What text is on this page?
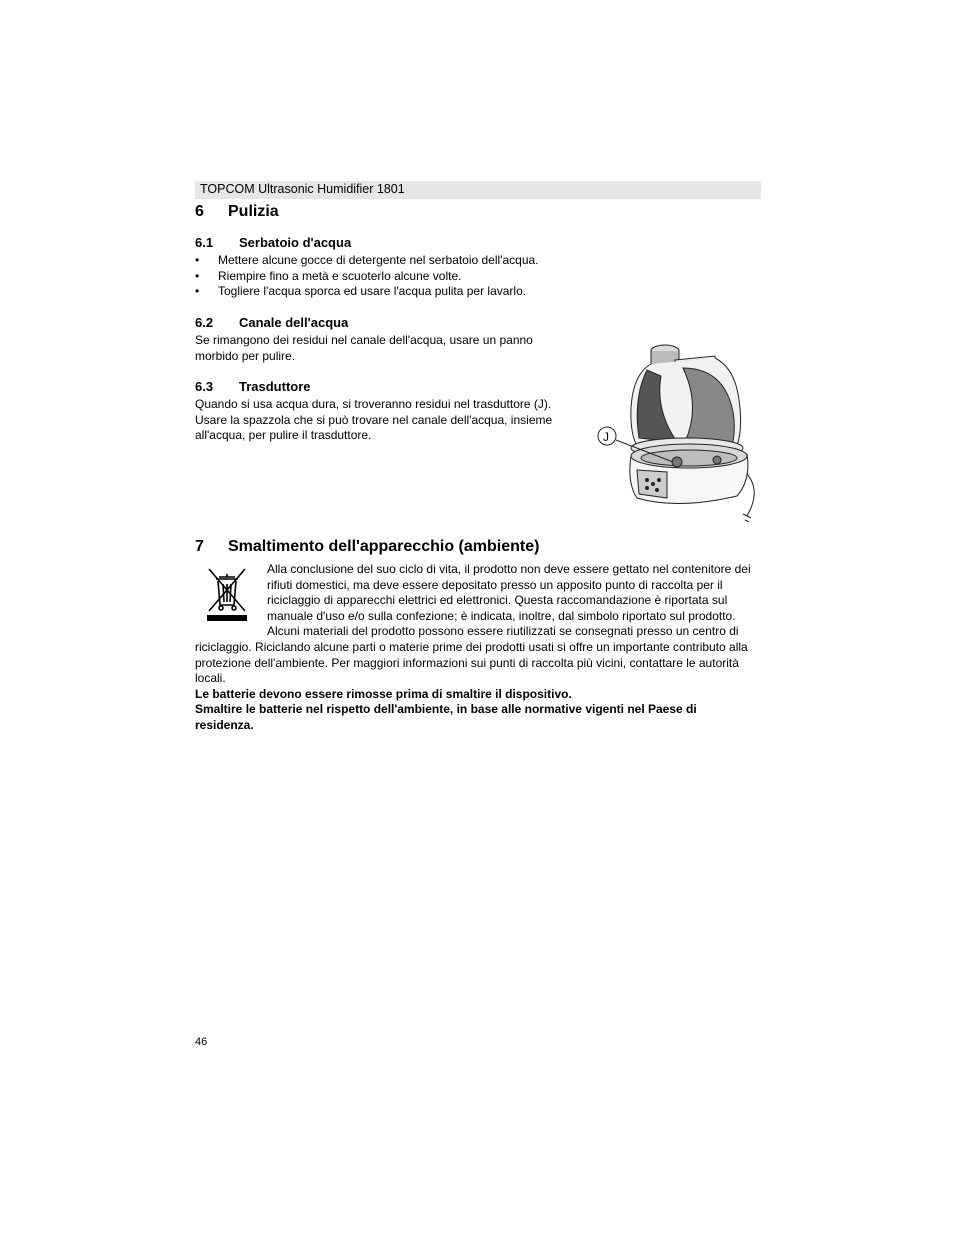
TOPCOM Ultrasonic Humidifier 1801
6 Pulizia
6.1 Serbatoio d'acqua
• Mettere alcune gocce di detergente nel serbatoio dell'acqua.
• Riempire fino a metà e scuoterlo alcune volte.
• Togliere l'acqua sporca ed usare l'acqua pulita per lavarlo.
6.2 Canale dell'acqua
Se rimangono dei residui nel canale dell'acqua, usare un panno
morbido per pulire.
6.3 Trasduttore
Quando si usa acqua dura, si troveranno residui nel trasduttore (J).
Usare la spazzola che si può trovare nel canale dell'acqua, insieme
all'acqua, per pulire il trasduttore.	J
7 Smaltimento dell'apparecchio (ambiente)
Alla conclusione del suo ciclo di vita, il prodotto non deve essere gettato nel contenitore dei
rifiuti domestici, ma deve essere depositato presso un apposito punto di raccolta per il
riciclaggio di apparecchi elettrici ed elettronici. Questa raccomandazione è riportata sul
manuale d'uso e/o sulla confezione; è indicata, inoltre, dal simbolo riportato sul prodotto.
Alcuni materiali del prodotto possono essere riutilizzati se consegnati presso un centro di
riciclaggio. Riciclando alcune parti o materie prime dei prodotti usati si offre un importante contributo alla
protezione dell'ambiente. Per maggiori informazioni sui punti di raccolta più vicini, contattare le autorità
locali.
Le batterie devono essere rimosse prima di smaltire il dispositivo.
Smaltire le batterie nel rispetto dell'ambiente, in base alle normative vigenti nel Paese di
residenza.
46
